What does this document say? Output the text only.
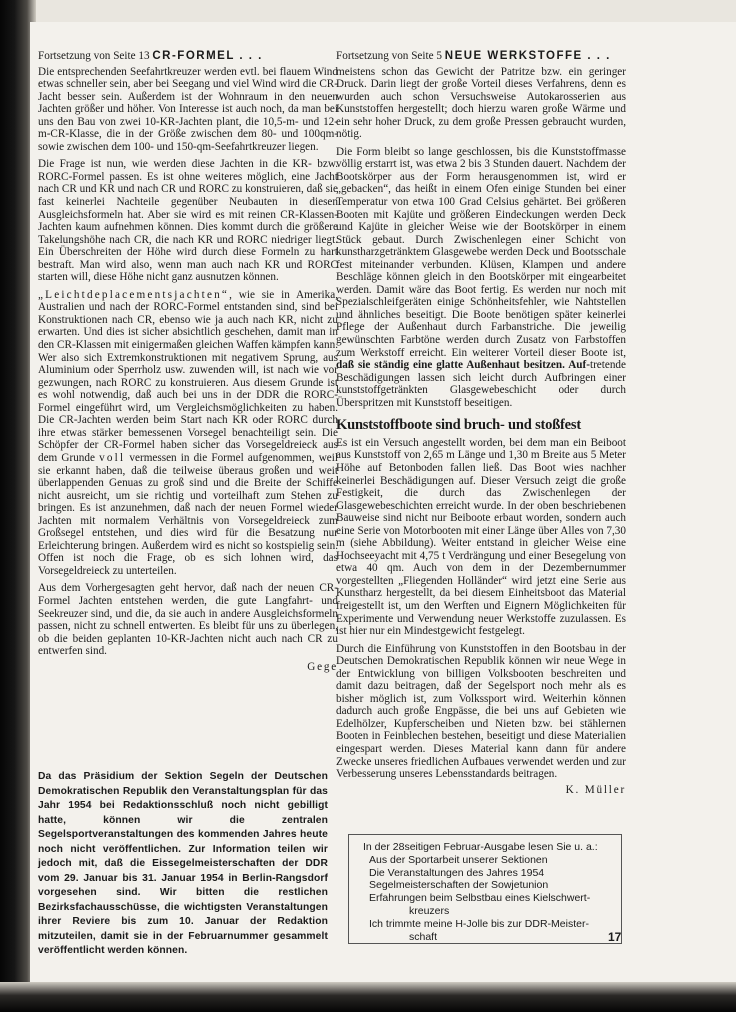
Fortsetzung von Seite 13 CR-FORMEL . . .

Die entsprechenden Seefahrtkreuzer werden evtl. bei flauem Wind etwas schneller sein, aber bei Seegang und viel Wind wird die CR-Jacht besser sein. Außerdem ist der Wohnraum in den neuen Jachten größer und höher. Von Interesse ist auch noch, da man bei uns den Bau von zwei 10-KR-Jachten plant, die 10,5-m- und 12-m-CR-Klasse, die in der Größe zwischen dem 80- und 100qm- sowie zwischen dem 100- und 150-qm-Seefahrtkreuzer liegen.

Die Frage ist nun, wie werden diese Jachten in die KR- bzw. RORC-Formel passen. Es ist ohne weiteres möglich, eine Jacht nach CR und KR und nach CR und RORC zu konstruieren, daß sie fast keinerlei Nachteile gegenüber Neubauten in diesen Ausgleichsformeln hat. Aber sie wird es mit reinen CR-Klassen-Jachten kaum aufnehmen können. Dies kommt durch die größere Takelungshöhe nach CR, die nach KR und RORC niedriger liegt. Ein Überschreiten der Höhe wird durch diese Formeln zu hart bestraft. Man wird also, wenn man auch nach KR und RORC starten will, diese Höhe nicht ganz ausnutzen können.

„Leichtdeplacementsjachten“, wie sie in Amerika, Australien und nach der RORC-Formel entstanden sind, sind bei Konstruktionen nach CR, ebenso wie ja auch nach KR, nicht zu erwarten. Und dies ist sicher absichtlich geschehen, damit man in den CR-Klassen mit einigermaßen gleichen Waffen kämpfen kann. Wer also sich Extremkonstruktionen mit negativem Sprung, aus Aluminium oder Sperrholz usw. zuwenden will, ist nach wie vor gezwungen, nach RORC zu konstruieren. Aus diesem Grunde ist es wohl notwendig, daß auch bei uns in der DDR die RORC-Formel eingeführt wird, um Vergleichsmöglichkeiten zu haben. Die CR-Jachten werden beim Start nach KR oder RORC durch ihre etwas stärker bemessenen Vorsegel benachteiligt sein. Die Schöpfer der CR-Formel haben sicher das Vorsegeldreieck aus dem Grunde voll vermessen in die Formel aufgenommen, weil sie erkannt haben, daß die teilweise überaus großen und weit überlappenden Genuas zu groß sind und die Breite der Schiffe nicht ausreicht, um sie richtig und vorteilhaft zum Stehen zu bringen. Es ist anzunehmen, daß nach der neuen Formel wieder Jachten mit normalem Verhältnis von Vorsegeldreieck zum Großsegel entstehen, und dies wird für die Besatzung nur Erleichterung bringen. Außerdem wird es nicht so kostspielig sein. Offen ist noch die Frage, ob es sich lohnen wird, das Vorsegeldreieck zu unterteilen.

Aus dem Vorhergesagten geht hervor, daß nach der neuen CR-Formel Jachten entstehen werden, die gute Langfahrt- und Seekreuzer sind, und die, da sie auch in andere Ausgleichsformeln passen, nicht zu schnell entwerten. Es bleibt für uns zu überlegen, ob die beiden geplanten 10-KR-Jachten nicht auch nach CR zu entwerfen sind.

Gege
Da das Präsidium der Sektion Segeln der Deutschen Demokratischen Republik den Veranstaltungsplan für das Jahr 1954 bei Redaktionsschluß noch nicht gebilligt hatte, können wir die zentralen Segelsportveranstaltungen des kommenden Jahres heute noch nicht veröffentlichen. Zur Information teilen wir jedoch mit, daß die Eissegelmeisterschaften der DDR vom 29. Januar bis 31. Januar 1954 in Berlin-Rangsdorf vorgesehen sind. Wir bitten die restlichen Bezirksfachausschüsse, die wichtigsten Veranstaltungen ihrer Reviere bis zum 10. Januar der Redaktion mitzuteilen, damit sie in der Februarnummer gesammelt veröffentlicht werden können.
Fortsetzung von Seite 5 NEUE WERKSTOFFE . . .

meistens schon das Gewicht der Patritze bzw. ein geringer Druck. Darin liegt der große Vorteil dieses Verfahrens, denn es wurden auch schon Versuchsweise Autokarosserien aus Kunststoffen hergestellt; doch hierzu waren große Wärme und ein sehr hoher Druck, zu dem große Pressen gebraucht wurden, nötig.

Die Form bleibt so lange geschlossen, bis die Kunststoffmasse völlig erstarrt ist, was etwa 2 bis 3 Stunden dauert. Nachdem der Bootskörper aus der Form herausgenommen ist, wird er „gebacken“, das heißt in einem Ofen einige Stunden bei einer Temperatur von etwa 100 Grad Celsius gehärtet. Bei größeren Booten mit Kajüte und größeren Eindeckungen werden Deck und Kajüte in gleicher Weise wie der Bootskörper in einem Stück gebaut. Durch Zwischenlegen einer Schicht von kunstharzgetränktem Glasgewebe werden Deck und Bootsschale fest miteinander verbunden. Klüsen, Klampen und andere Beschläge können gleich in den Bootskörper mit eingearbeitet werden. Damit wäre das Boot fertig. Es werden nur noch mit Spezialschleifgeräten einige Schönheitsfehler, wie Nahtstellen und ähnliches beseitigt. Die Boote benötigen später keinerlei Pflege der Außenhaut durch Farbanstriche. Die jeweilig gewünschten Farbtöne werden durch Zusatz von Farbstoffen zum Werkstoff erreicht. Ein weiterer Vorteil dieser Boote ist, daß sie ständig eine glatte Außenhaut besitzen. Auf-tretende Beschädigungen lassen sich leicht durch Aufbringen einer kunststoffgetränkten Glasgewebeschicht oder durch Überspritzen mit Kunststoff beseitigen.

Kunststoffboote sind bruch- und stoßfest

Es ist ein Versuch angestellt worden, bei dem man ein Beiboot aus Kunststoff von 2,65 m Länge und 1,30 m Breite aus 5 Meter Höhe auf Betonboden fallen ließ. Das Boot wies nachher keinerlei Beschädigungen auf. Dieser Versuch zeigt die große Festigkeit, die durch das Zwischenlegen der Glasgewebeschichten erreicht wurde. In der oben beschriebenen Bauweise sind nicht nur Beiboote erbaut worden, sondern auch eine Serie von Motorbooten mit einer Länge über Alles von 7,30 m (siehe Abbildung). Weiter entstand in gleicher Weise eine Hochseeyacht mit 4,75 t Verdrängung und einer Besegelung von etwa 40 qm. Auch von dem in der Dezembernummer vorgestellten „Fliegenden Holländer“ wird jetzt eine Serie aus Kunstharz hergestellt, da bei diesem Einheitsboot das Material freigestellt ist, um den Werften und Eignern Möglichkeiten für Experimente und Verwendung neuer Werkstoffe zuzulassen. Es ist hier nur ein Mindestgewicht festgelegt.

Durch die Einführung von Kunststoffen in den Bootsbau in der Deutschen Demokratischen Republik können wir neue Wege in der Entwicklung von billigen Volksbooten beschreiten und damit dazu beitragen, daß der Segelsport noch mehr als es bisher möglich ist, zum Volkssport wird. Weiterhin können dadurch auch große Engpässe, die bei uns auf Gebieten wie Edelhölzer, Kupferscheiben und Nieten bzw. bei stählernen Booten in Feinblechen bestehen, beseitigt und diese Materialien eingespart werden. Dieses Material kann dann für andere Zwecke unseres friedlichen Aufbaues verwendet werden und zur Verbesserung unseres Lebensstandards beitragen.

K. Müller
In der 28seitigen Februar-Ausgabe lesen Sie u. a.:
Aus der Sportarbeit unserer Sektionen
Die Veranstaltungen des Jahres 1954
Segelmeisterschaften der Sowjetunion
Erfahrungen beim Selbstbau eines Kielschwert-
kreuzers
Ich trimmte meine H-Jolle bis zur DDR-Meister-
schaft	17
